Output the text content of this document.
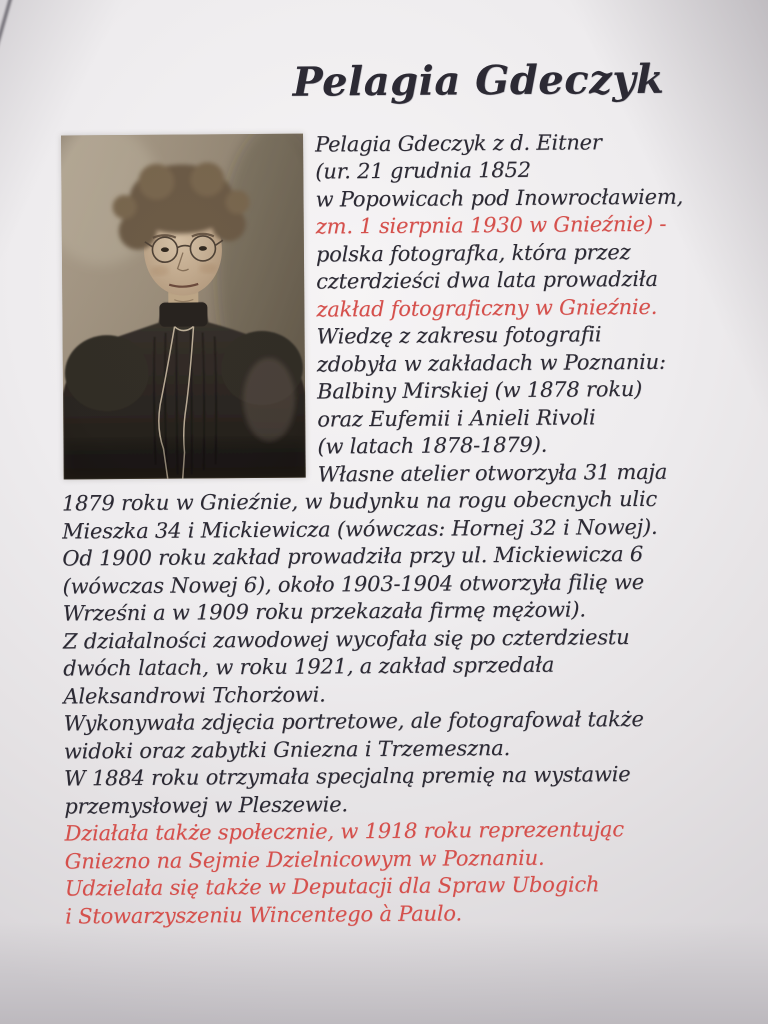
Pelagia Gdeczyk
Pelagia Gdeczyk z d. Eitner
(ur. 21 grudnia 1852
w Popowicach pod Inowrocławiem,
zm. 1 sierpnia 1930 w Gnieźnie) -
polska fotografka, która przez
czterdzieści dwa lata prowadziła
zakład fotograficzny w Gnieźnie.
Wiedzę z zakresu fotografii
zdobyła w zakładach w Poznaniu:
Balbiny Mirskiej (w 1878 roku)
oraz Eufemii i Anieli Rivoli
(w latach 1878-1879).
Własne atelier otworzyła 31 maja
1879 roku w Gnieźnie, w budynku na rogu obecnych ulic
Mieszka 34 i Mickiewicza (wówczas: Hornej 32 i Nowej).
Od 1900 roku zakład prowadziła przy ul. Mickiewicza 6
(wówczas Nowej 6), około 1903-1904 otworzyła filię we
Wrześni a w 1909 roku przekazała firmę mężowi).
Z działalności zawodowej wycofała się po czterdziestu
dwóch latach, w roku 1921, a zakład sprzedała
Aleksandrowi Tchorżowi.
Wykonywała zdjęcia portretowe, ale fotografował także
widoki oraz zabytki Gniezna i Trzemeszna.
W 1884 roku otrzymała specjalną premię na wystawie
przemysłowej w Pleszewie.
Działała także społecznie, w 1918 roku reprezentując
Gniezno na Sejmie Dzielnicowym w Poznaniu.
Udzielała się także w Deputacji dla Spraw Ubogich
i Stowarzyszeniu Wincentego à Paulo.
